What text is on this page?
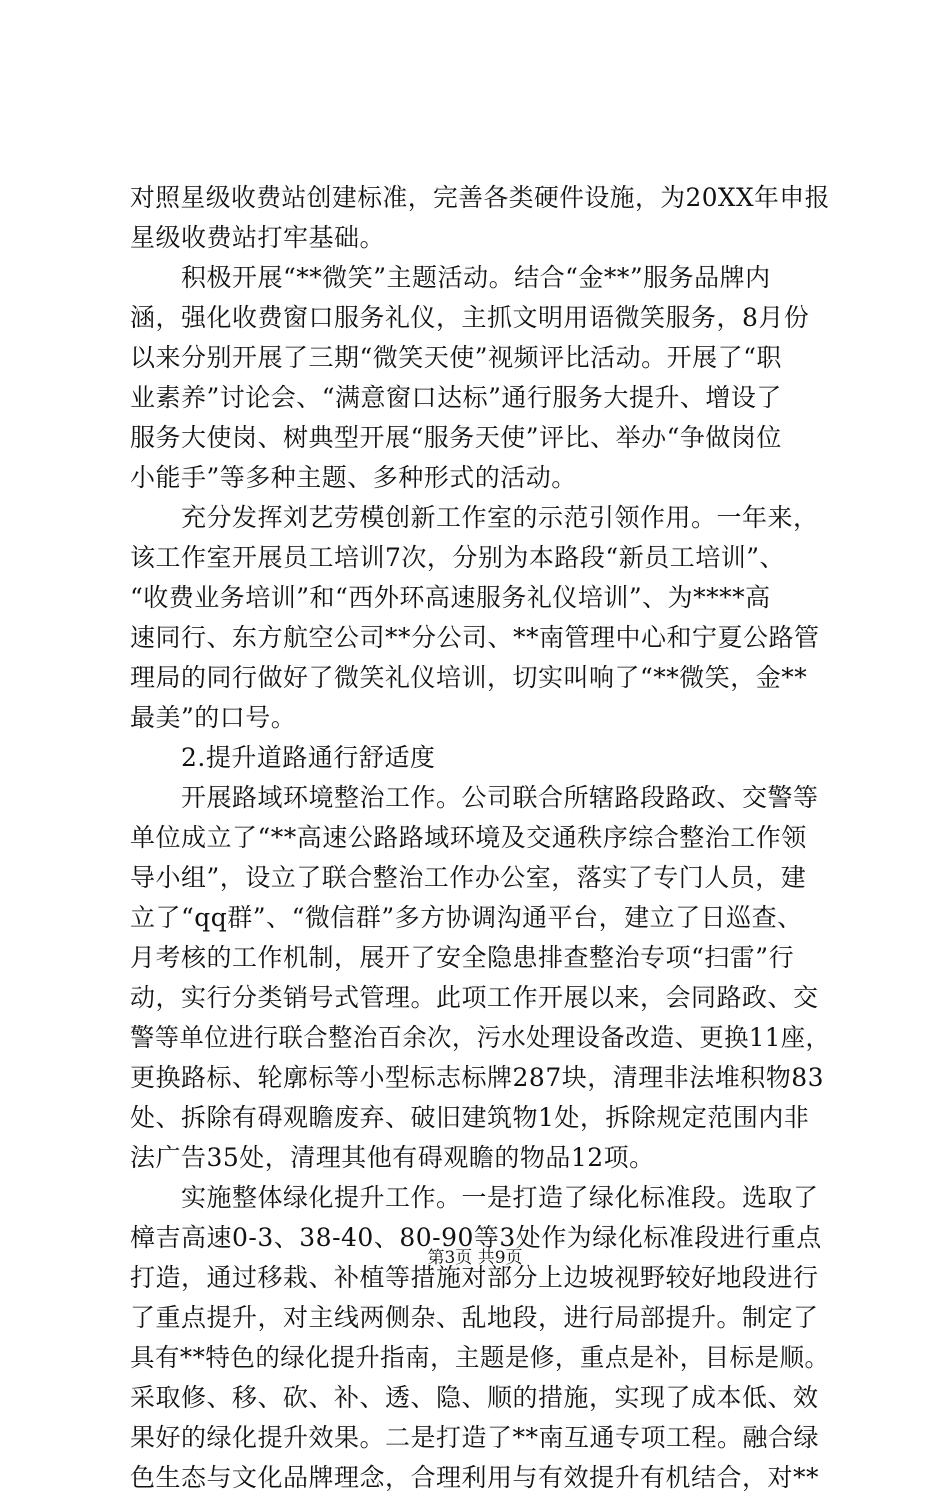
对照星级收费站创建标准，完善各类硬件设施，为20XX年申报
星级收费站打牢基础。
　　积极开展“**微笑”主题活动。结合“金**”服务品牌内
涵，强化收费窗口服务礼仪，主抓文明用语微笑服务，8月份
以来分别开展了三期“微笑天使”视频评比活动。开展了“职
业素养”讨论会、“满意窗口达标”通行服务大提升、增设了
服务大使岗、树典型开展“服务天使”评比、举办“争做岗位
小能手”等多种主题、多种形式的活动。
　　充分发挥刘艺劳模创新工作室的示范引领作用。一年来，
该工作室开展员工培训7次，分别为本路段“新员工培训”、
“收费业务培训”和“西外环高速服务礼仪培训”、为****高
速同行、东方航空公司**分公司、**南管理中心和宁夏公路管
理局的同行做好了微笑礼仪培训，切实叫响了“**微笑，金**
最美”的口号。
　　2.提升道路通行舒适度
　　开展路域环境整治工作。公司联合所辖路段路政、交警等
单位成立了“**高速公路路域环境及交通秩序综合整治工作领
导小组”，设立了联合整治工作办公室，落实了专门人员，建
立了“qq群”、“微信群”多方协调沟通平台，建立了日巡查、
月考核的工作机制，展开了安全隐患排查整治专项“扫雷”行
动，实行分类销号式管理。此项工作开展以来，会同路政、交
警等单位进行联合整治百余次，污水处理设备改造、更换11座，
更换路标、轮廓标等小型标志标牌287块，清理非法堆积物83
处、拆除有碍观瞻废弃、破旧建筑物1处，拆除规定范围内非
法广告35处，清理其他有碍观瞻的物品12项。
　　实施整体绿化提升工作。一是打造了绿化标准段。选取了
樟吉高速0-3、38-40、80-90等3处作为绿化标准段进行重点
打造，通过移栽、补植等措施对部分上边坡视野较好地段进行
了重点提升，对主线两侧杂、乱地段，进行局部提升。制定了
具有**特色的绿化提升指南，主题是修，重点是补，目标是顺。
采取修、移、砍、补、透、隐、顺的措施，实现了成本低、效
果好的绿化提升效果。二是打造了**南互通专项工程。融合绿
色生态与文化品牌理念，合理利用与有效提升有机结合，对**
第3页 共9页
